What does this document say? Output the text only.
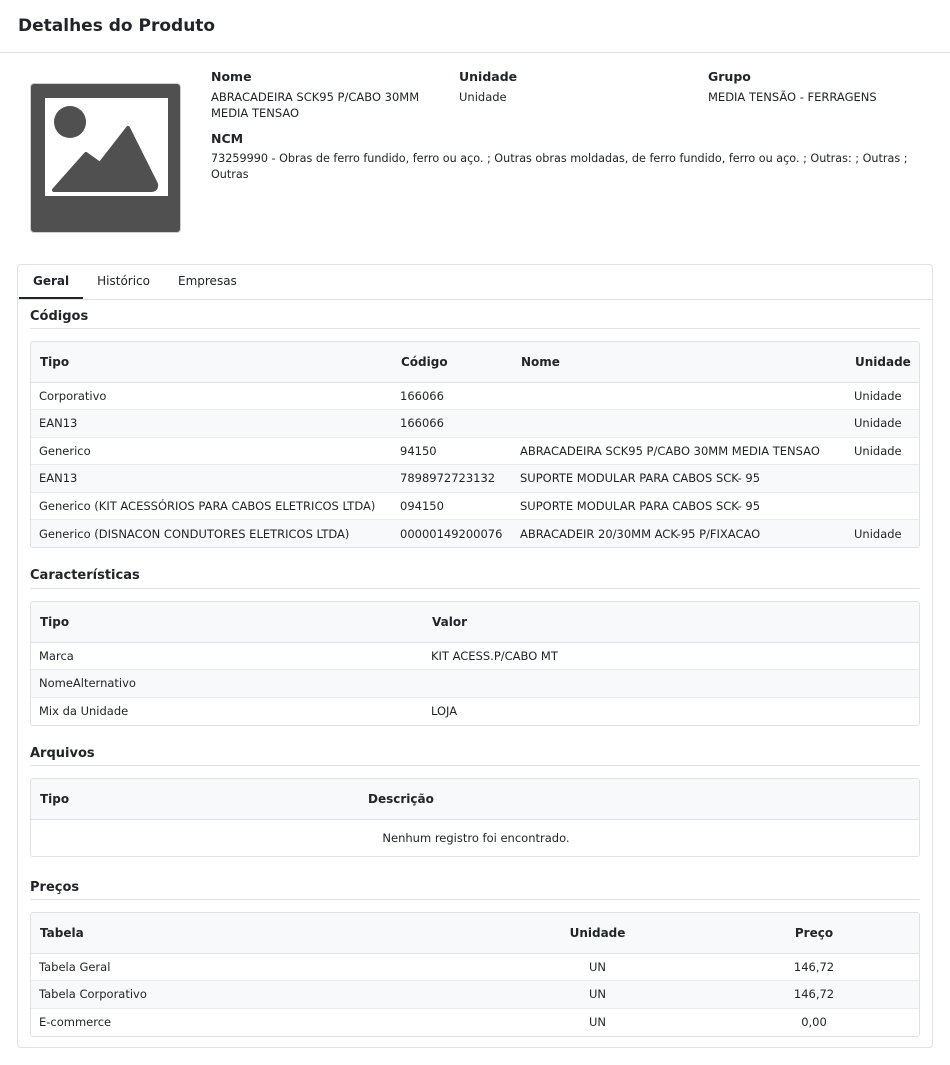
Detalhes do Produto
Nome
ABRACADEIRA SCK95 P/CABO 30MM MEDIA TENSAO
Unidade
Unidade
Grupo
MEDIA TENSÃO - FERRAGENS
NCM
73259990 - Obras de ferro fundido, ferro ou aço. ; Outras obras moldadas, de ferro fundido, ferro ou aço. ; Outras: ; Outras ; Outras
Geral	Histórico	Empresas
Códigos
Tipo	Código	Nome	Unidade
Corporativo	166066		Unidade
EAN13	166066		Unidade
Generico	94150	ABRACADEIRA SCK95 P/CABO 30MM MEDIA TENSAO	Unidade
EAN13	7898972723132	SUPORTE MODULAR PARA CABOS SCK- 95	
Generico (KIT ACESSÓRIOS PARA CABOS ELETRICOS LTDA)	094150	SUPORTE MODULAR PARA CABOS SCK- 95	
Generico (DISNACON CONDUTORES ELETRICOS LTDA)	00000149200076	ABRACADEIR 20/30MM ACK-95 P/FIXACAO	Unidade
Características
Tipo	Valor
Marca	KIT ACESS.P/CABO MT
NomeAlternativo	
Mix da Unidade	LOJA
Arquivos
Tipo	Descrição
Nenhum registro foi encontrado.
Preços
Tabela	Unidade	Preço
Tabela Geral	UN	146,72
Tabela Corporativo	UN	146,72
E-commerce	UN	0,00
